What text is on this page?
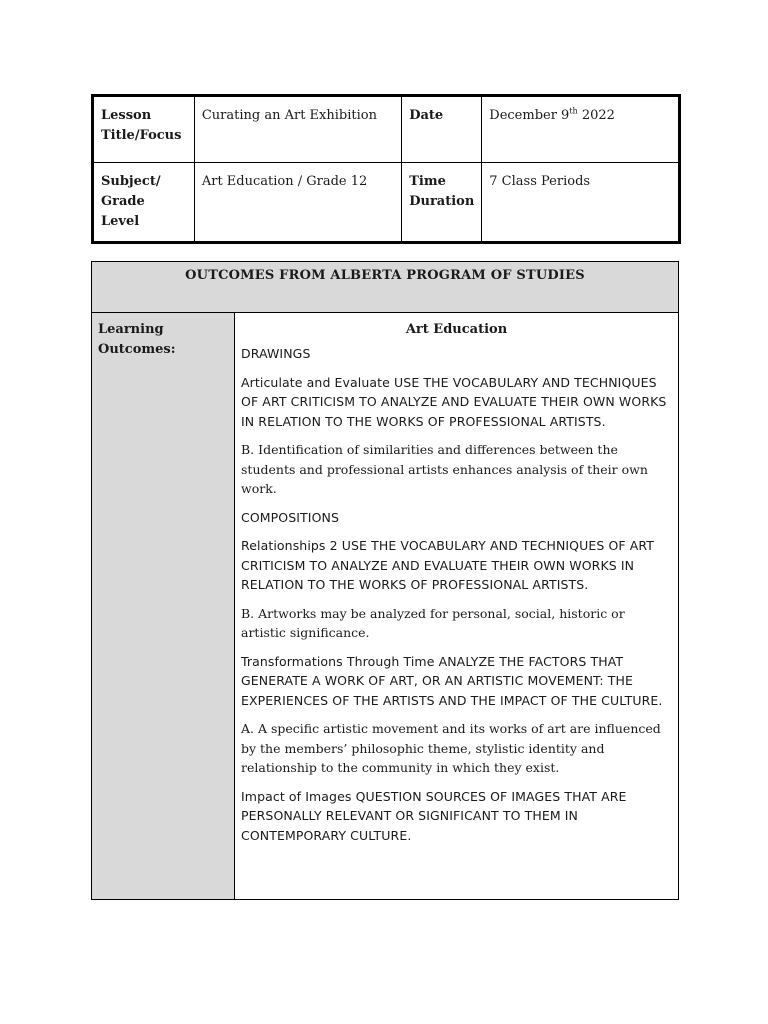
Lesson Title/Focus	Curating an Art Exhibition	Date	December 9th 2022
Subject/ Grade Level	Art Education / Grade 12	Time Duration	7 Class Periods
OUTCOMES FROM ALBERTA PROGRAM OF STUDIES
Learning Outcomes:	
Art Education

DRAWINGS

Articulate and Evaluate USE THE VOCABULARY AND TECHNIQUES OF ART CRITICISM TO ANALYZE AND EVALUATE THEIR OWN WORKS IN RELATION TO THE WORKS OF PROFESSIONAL ARTISTS.

B. Identification of similarities and differences between the students and professional artists enhances analysis of their own work.

COMPOSITIONS

Relationships 2 USE THE VOCABULARY AND TECHNIQUES OF ART CRITICISM TO ANALYZE AND EVALUATE THEIR OWN WORKS IN RELATION TO THE WORKS OF PROFESSIONAL ARTISTS.

B. Artworks may be analyzed for personal, social, historic or artistic significance.

Transformations Through Time ANALYZE THE FACTORS THAT GENERATE A WORK OF ART, OR AN ARTISTIC MOVEMENT: THE EXPERIENCES OF THE ARTISTS AND THE IMPACT OF THE CULTURE.

A. A specific artistic movement and its works of art are influenced by the members’ philosophic theme, stylistic identity and relationship to the community in which they exist.

Impact of Images QUESTION SOURCES OF IMAGES THAT ARE PERSONALLY RELEVANT OR SIGNIFICANT TO THEM IN CONTEMPORARY CULTURE.
